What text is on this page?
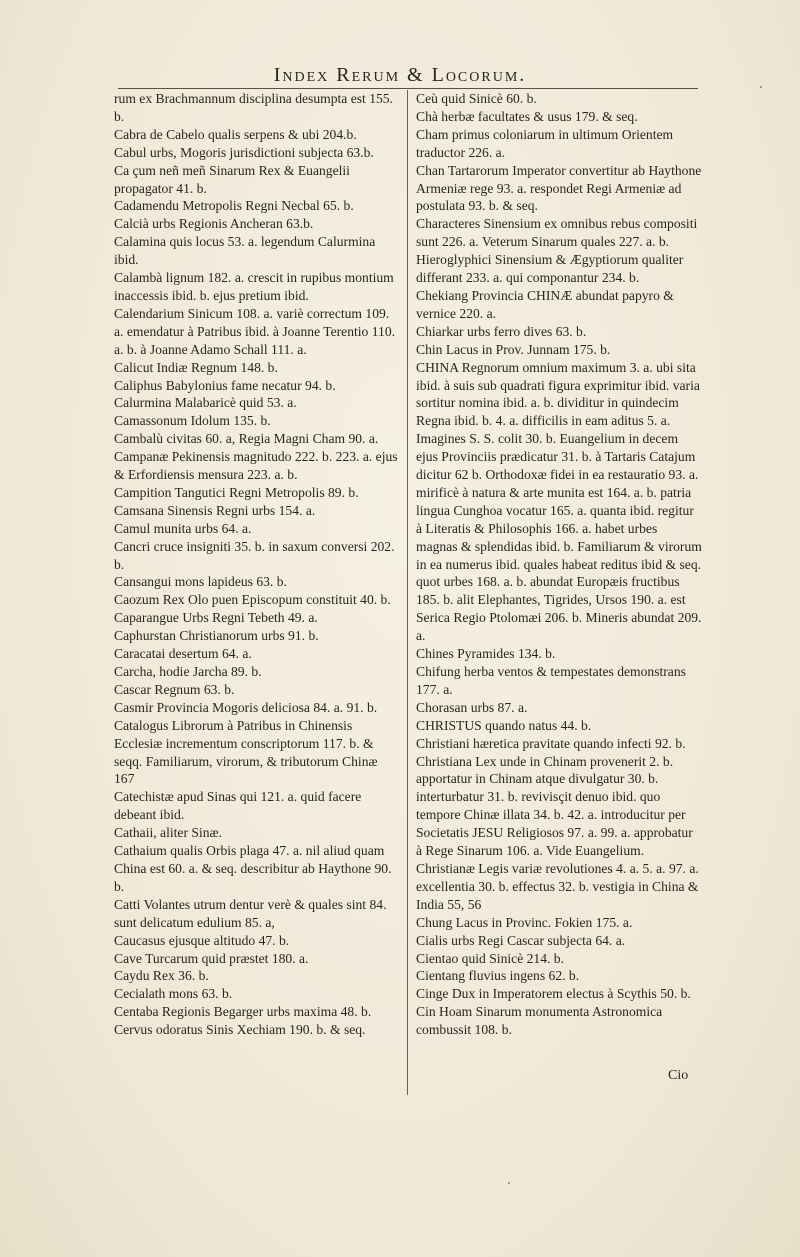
Index Rerum & Locorum.

rum ex Brachmannum disciplina desumpta est 155. b.

Cabra de Cabelo qualis serpens & ubi 204.b.

Cabul urbs, Mogoris jurisdictioni subjecta 63.b.

Ca çum neñ meñ Sinarum Rex & Euangelii propagator 41. b.

Cadamendu Metropolis Regni Necbal 65. b.

Calcià urbs Regionis Ancheran 63.b.

Calamina quis locus 53. a. legendum Calurmina ibid.

Calambà lignum 182. a. crescit in rupibus montium inaccessis ibid. b. ejus pretium ibid.

Calendarium Sinicum 108. a. variè correctum 109. a. emendatur à Patribus ibid. à Joanne Terentio 110. a. b. à Joanne Adamo Schall 111. a.

Calicut Indiæ Regnum 148. b.

Caliphus Babylonius fame necatur 94. b.

Calurmina Malabaricè quid 53. a.

Camassonum Idolum 135. b.

Cambalù civitas 60. a, Regia Magni Cham 90. a.

Campanæ Pekinensis magnitudo 222. b. 223. a. ejus & Erfordiensis mensura 223. a. b.

Campition Tangutici Regni Metropolis 89. b.

Camsana Sinensis Regni urbs 154. a.

Camul munita urbs 64. a.

Cancri cruce insigniti 35. b. in saxum conversi 202. b.

Cansangui mons lapideus 63. b.

Caozum Rex Olo puen Episcopum constituit 40. b.

Caparangue Urbs Regni Tebeth 49. a.

Caphurstan Christianorum urbs 91. b.

Caracatai desertum 64. a.

Carcha, hodie Jarcha 89. b.

Cascar Regnum 63. b.

Casmir Provincia Mogoris deliciosa 84. a. 91. b.

Catalogus Librorum à Patribus in Chinensis Ecclesiæ incrementum conscriptorum 117. b. & seqq. Familiarum, virorum, & tributorum Chinæ 167

Catechistæ apud Sinas qui 121. a. quid facere debeant ibid.

Cathaii, aliter Sinæ.

Cathaium qualis Orbis plaga 47. a. nil aliud quam China est 60. a. & seq. describitur ab Haythone 90. b.

Catti Volantes utrum dentur verè & quales sint 84. sunt delicatum edulium 85. a,

Caucasus ejusque altitudo 47. b.

Cave Turcarum quid præstet 180. a.

Caydu Rex 36. b.

Cecialath mons 63. b.

Centaba Regionis Begarger urbs maxima 48. b.

Cervus odoratus Sinis Xechiam 190. b. & seq.

Ceù quid Sinicè 60. b.

Chà herbæ facultates & usus 179. & seq.

Cham primus coloniarum in ultimum Orientem traductor 226. a.

Chan Tartarorum Imperator convertitur ab Haythone Armeniæ rege 93. a. respondet Regi Armeniæ ad postulata 93. b. & seq.

Characteres Sinensium ex omnibus rebus compositi sunt 226. a. Veterum Sinarum quales 227. a. b. Hieroglyphici Sinensium & Ægyptiorum qualiter differant 233. a. qui componantur 234. b.

Chekiang Provincia CHINÆ abundat papyro & vernice 220. a.

Chiarkar urbs ferro dives 63. b.

Chin Lacus in Prov. Junnam 175. b.

CHINA Regnorum omnium maximum 3. a. ubi sita ibid. à suis sub quadrati figura exprimitur ibid. varia sortitur nomina ibid. a. b. dividitur in quindecim Regna ibid. b. 4. a. difficilis in eam aditus 5. a. Imagines S. S. colit 30. b. Euangelium in decem ejus Provinciis prædicatur 31. b. à Tartaris Catajum dicitur 62 b. Orthodoxæ fidei in ea restauratio 93. a. mirificè à natura & arte munita est 164. a. b. patria lingua Cunghoa vocatur 165. a. quanta ibid. regitur à Literatis & Philosophis 166. a. habet urbes magnas & splendidas ibid. b. Familiarum & virorum in ea numerus ibid. quales habeat reditus ibid & seq. quot urbes 168. a. b. abundat Europæis fructibus 185. b. alit Elephantes, Tigrides, Ursos 190. a. est Serica Regio Ptolomæi 206. b. Mineris abundat 209. a.

Chines Pyramides 134. b.

Chifung herba ventos & tempestates demonstrans 177. a.

Chorasan urbs 87. a.

CHRISTUS quando natus 44. b.

Christiani hæretica pravitate quando infecti 92. b.

Christiana Lex unde in Chinam provenerit 2. b. apportatur in Chinam atque divulgatur 30. b. interturbatur 31. b. revivisçit denuo ibid. quo tempore Chinæ illata 34. b. 42. a. introducitur per Societatis JESU Religiosos 97. a. 99. a. approbatur à Rege Sinarum 106. a. Vide Euangelium.

Christianæ Legis variæ revolutiones 4. a. 5. a. 97. a. excellentia 30. b. effectus 32. b. vestigia in China & India 55, 56

Chung Lacus in Provinc. Fokien 175. a.

Cialis urbs Regi Cascar subjecta 64. a.

Cientao quid Sinicè 214. b.

Cientang fluvius ingens 62. b.

Cinge Dux in Imperatorem electus à Scythis 50. b.

Cin Hoam Sinarum monumenta Astronomica combussit 108. b.

Cio
